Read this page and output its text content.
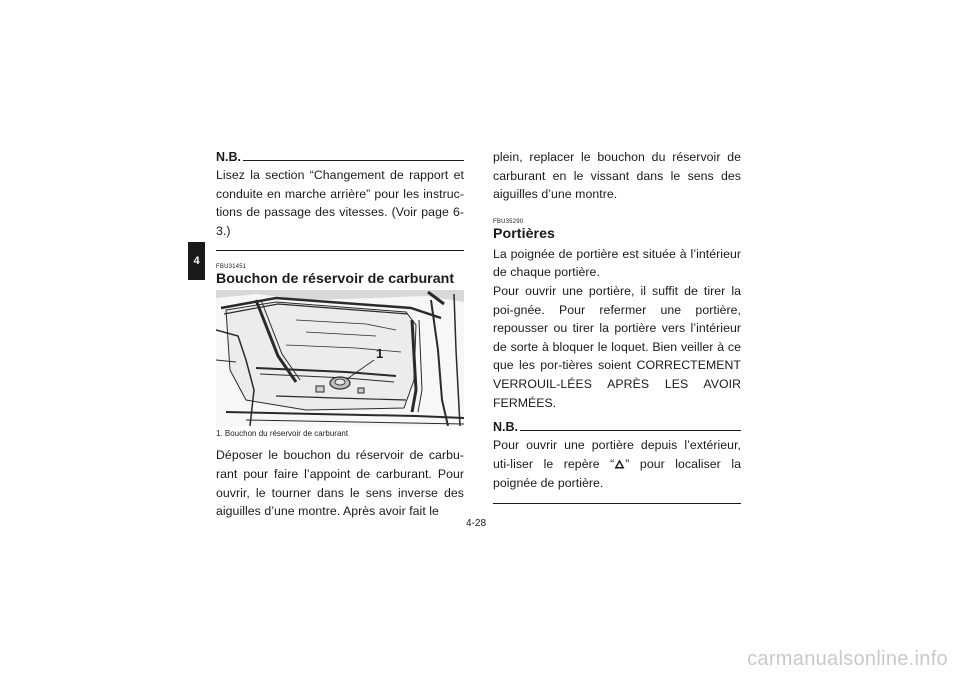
4
N.B.

Lisez la section “Changement de rapport et conduite en marche arrière” pour les instruc-tions de passage des vitesses. (Voir page 6-3.)

FBU31451
Bouchon de réservoir de carburant
1
1. Bouchon du réservoir de carburant

Déposer le bouchon du réservoir de carbu-rant pour faire l’appoint de carburant. Pour ouvrir, le tourner dans le sens inverse des aiguilles d’une montre. Après avoir fait le

plein, replacer le bouchon du réservoir de carburant en le vissant dans le sens des aiguilles d’une montre.

FBU35290
Portières

La poignée de portière est située à l’intérieur de chaque portière.

Pour ouvrir une portière, il suffit de tirer la poi-gnée. Pour refermer une portière, repousser ou tirer la portière vers l’intérieur de sorte à bloquer le loquet. Bien veiller à ce que les por-tières soient CORRECTEMENT VERROUIL-LÉES APRÈS LES AVOIR FERMÉES.

N.B.

Pour ouvrir une portière depuis l’extérieur, uti-liser le repère “ ” pour localiser la poignée de portière.

4-28
carmanualsonline.info
